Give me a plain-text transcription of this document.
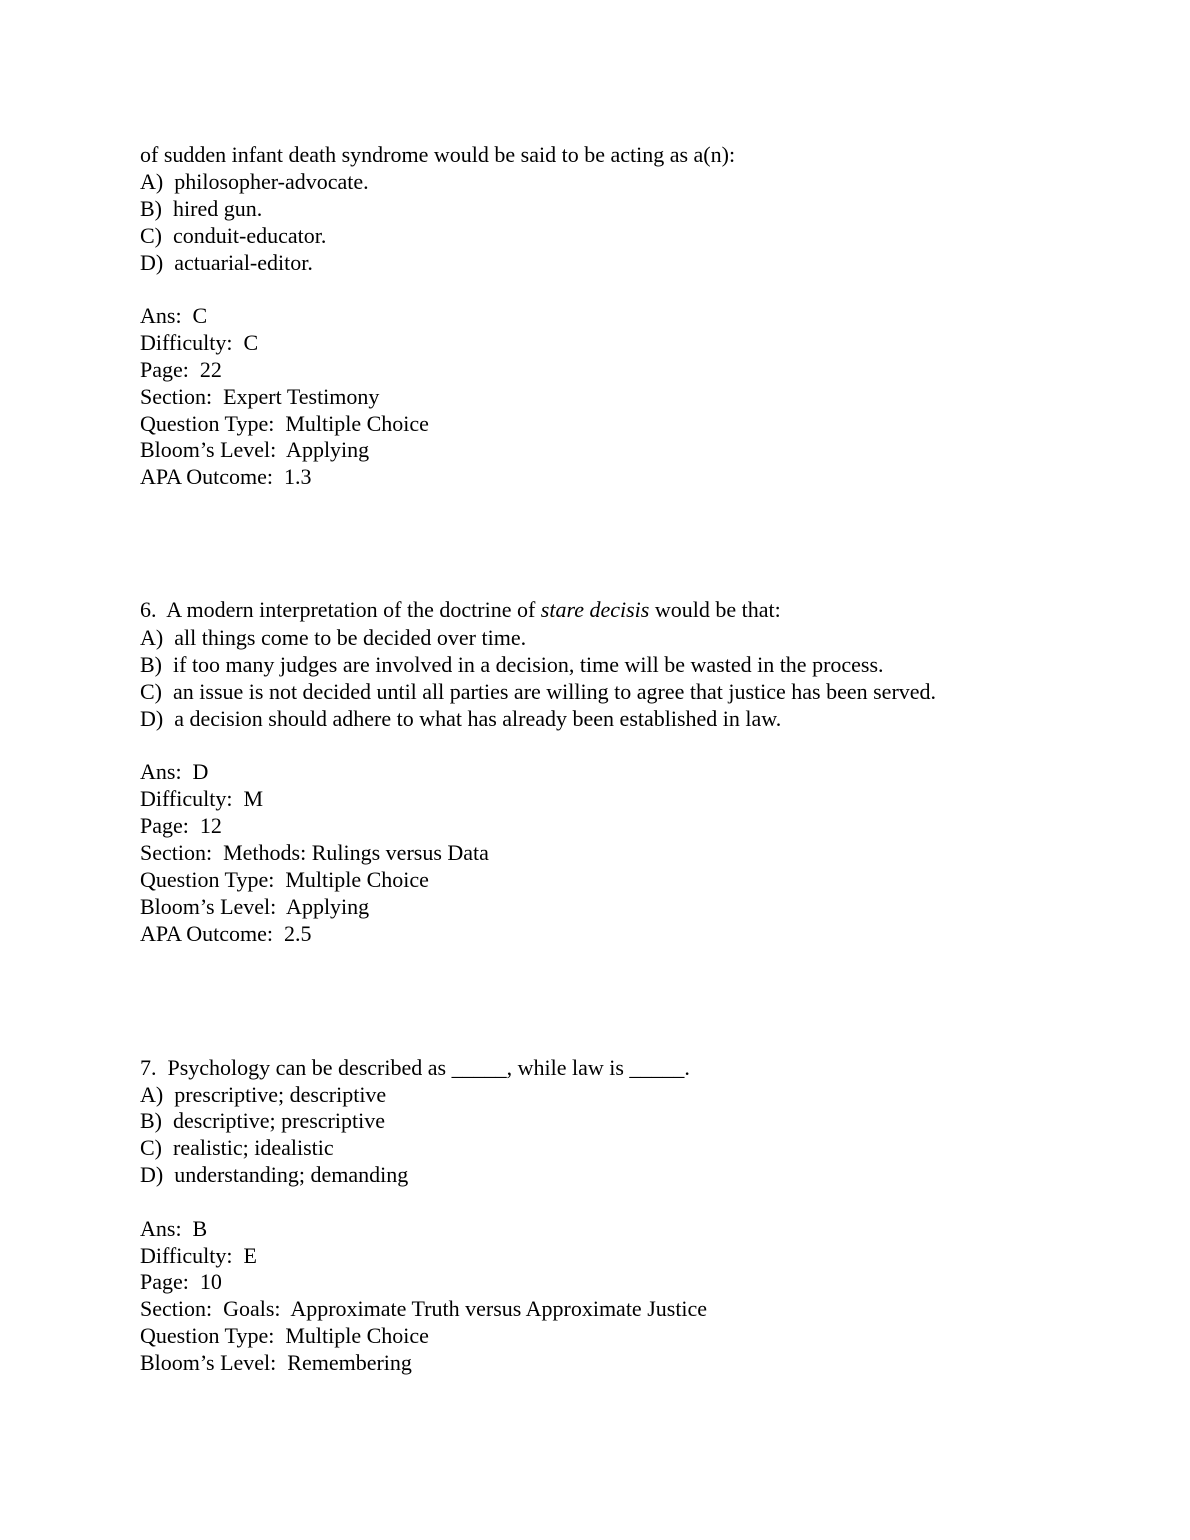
of sudden infant death syndrome would be said to be acting as a(n):
A)  philosopher-advocate.
B)  hired gun.
C)  conduit-educator.
D)  actuarial-editor.
Ans:  C
Difficulty:  C
Page:  22
Section:  Expert Testimony
Question Type:  Multiple Choice
Bloom’s Level:  Applying
APA Outcome:  1.3
6.  A modern interpretation of the doctrine of stare decisis would be that:
A)  all things come to be decided over time.
B)  if too many judges are involved in a decision, time will be wasted in the process.
C)  an issue is not decided until all parties are willing to agree that justice has been served.
D)  a decision should adhere to what has already been established in law.
Ans:  D
Difficulty:  M
Page:  12
Section:  Methods: Rulings versus Data
Question Type:  Multiple Choice
Bloom’s Level:  Applying
APA Outcome:  2.5
7.  Psychology can be described as _____, while law is _____.
A)  prescriptive; descriptive
B)  descriptive; prescriptive
C)  realistic; idealistic
D)  understanding; demanding
Ans:  B
Difficulty:  E
Page:  10
Section:  Goals:  Approximate Truth versus Approximate Justice
Question Type:  Multiple Choice
Bloom’s Level:  Remembering
